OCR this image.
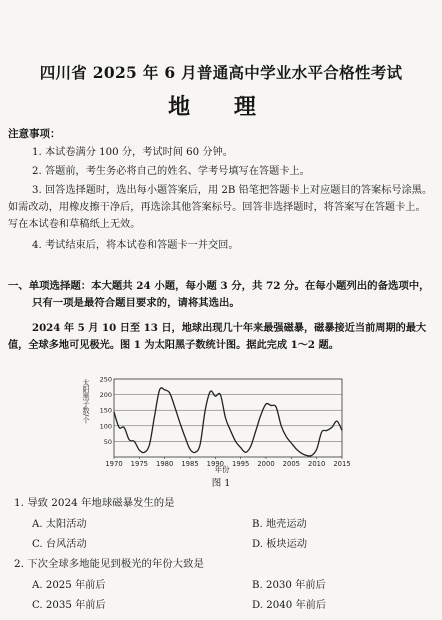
四川省 2025 年 6 月普通高中学业水平合格性考试
地 理
注意事项：
1. 本试卷满分 100 分，考试时间 60 分钟。
2. 答题前，考生务必将自己的姓名、学考号填写在答题卡上。
3. 回答选择题时，选出每小题答案后，用 2B 铅笔把答题卡上对应题目的答案标号涂黑。如需改动，用橡皮擦干净后，再选涂其他答案标号。回答非选择题时，将答案写在答题卡上。写在本试卷和草稿纸上无效。
4. 考试结束后，将本试卷和答题卡一并交回。
一、单项选择题：本大题共 24 小题，每小题 3 分，共 72 分。在每小题列出的备选项中，
只有一项是最符合题目要求的，请将其选出。
2024 年 5 月 10 日至 13 日，地球出现几十年来最强磁暴，磁暴接近当前周期的最大值，全球多地可见极光。图 1 为太阳黑子数统计图。据此完成 1～2 题。
50
100
150
200
250
1970 1975 1980 1985 1990 1995 2000 2005 2010 2015
太阳黑子数/个
年份
图 1
1. 导致 2024 年地球磁暴发生的是
A. 太阳活动	B. 地壳运动
C. 台风活动	D. 板块运动
2. 下次全球多地能见到极光的年份大致是
A. 2025 年前后	B. 2030 年前后
C. 2035 年前后	D. 2040 年前后
